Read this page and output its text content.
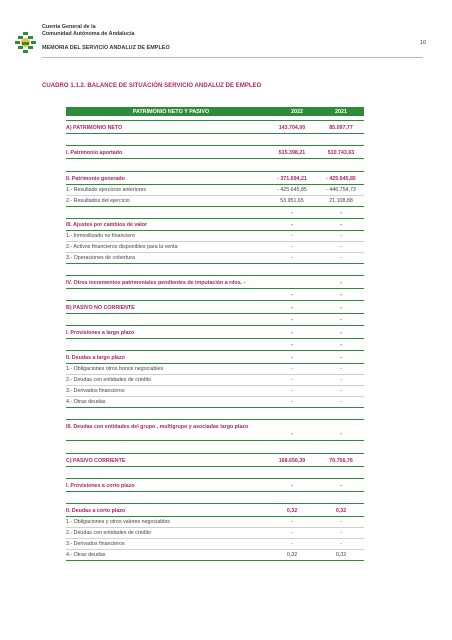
Cuenta General de la
Comunidad Autónoma de Andalucía
MEMORIA DEL SERVICIO ANDALUZ DE EMPLEO
10
CUADRO 1.1.2. BALANCE DE SITUACIÓN SERVICIO ANDALUZ DE EMPLEO
PATRIMONIO NETO Y PASIVO	2022	2021
A) PATRIMONIO NETO	143.704,00	85.097,77
I. Patrimonio aportado	515.398,21	510.743,63
II. Patrimonio generado	- 371.694,21	- 425.645,85
1.- Resultado ejercicios anteriores	- 425.645,85	- 446.754,73
2.- Resultados del ejercicio	53.951,65	21.108,88
-	-
III. Ajustes por cambios de valor	-	-
1.- Inmovilizado no financiero	-	-
2.- Activos financieros disponibles para la venta	-	-
3.- Operaciones de cobertura	-	-
IV. Otros incrementos patrimoniales pendientes de imputación a rdos. -	-
-	-
B) PASIVO NO CORRIENTE	-	-
-	-
I. Provisiones a largo plazo	-	-
-	-
II. Deudas a largo plazo	-	-
1.- Obligaciones otros bonos negociables	-	-
2.- Deudas con entidades de crédito	-	-
3.- Derivados financieros	-	-
4.- Otras deudas	-	-
III. Deudas con entidades del grupo , multigrupo y asociadas largo plazo
-	-
C) PASIVO CORRIENTE	168.656,39	70.756,76
I. Provisiones a corto plazo	-	-
II. Deudas a corto plazo	0,32	0,32
1.- Obligaciones y otros valores negociables	-	-
2.- Deudas con entidades de crédito	-	-
3.- Derivados financieros	-	-
4.- Otras deudas	0,32	0,32
